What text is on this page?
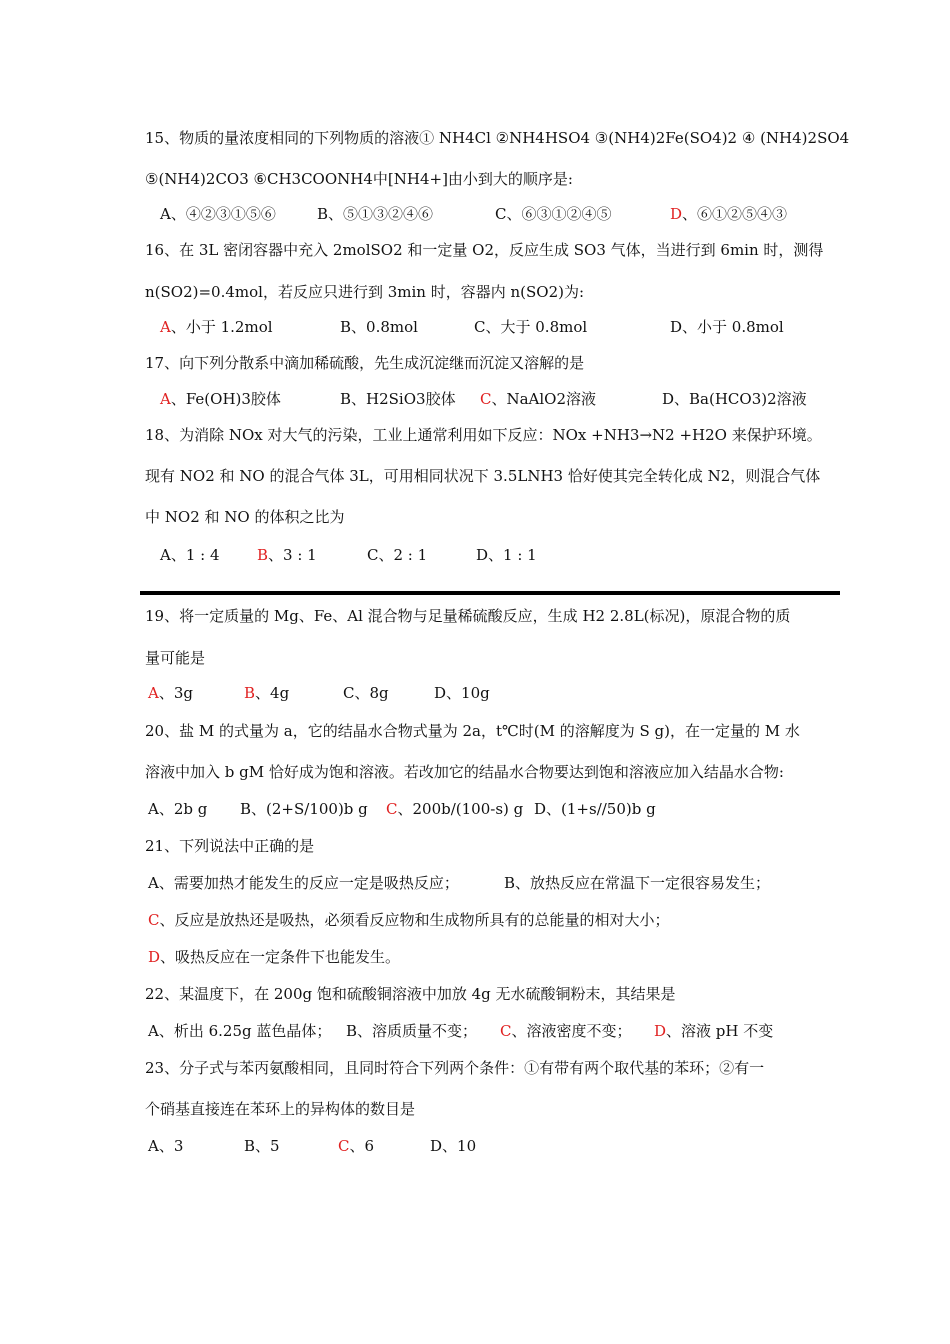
15、物质的量浓度相同的下列物质的溶液① NH4Cl ②NH4HSO4 ③(NH4)2Fe(SO4)2 ④ (NH4)2SO4
⑤(NH4)2CO3 ⑥CH3COONH4中[NH4+]由小到大的顺序是:
A、④②③①⑤⑥	B、⑤①③②④⑥	C、⑥③①②④⑤	D、⑥①②⑤④③
16、在 3L 密闭容器中充入 2molSO2 和一定量 O2，反应生成 SO3 气体，当进行到 6min 时，测得
n(SO2)=0.4mol，若反应只进行到 3min 时，容器内 n(SO2)为:
A、小于 1.2mol	B、0.8mol	C、大于 0.8mol	D、小于 0.8mol
17、向下列分散系中滴加稀硫酸，先生成沉淀继而沉淀又溶解的是
A、Fe(OH)3胶体	B、H2SiO3胶体 C、NaAlO2溶液	D、Ba(HCO3)2溶液
18、为消除 NOx 对大气的污染，工业上通常利用如下反应：NOx +NH3→N2 +H2O 来保护环境。
现有 NO2 和 NO 的混合气体 3L，可用相同状况下 3.5LNH3 恰好使其完全转化成 N2，则混合气体
中 NO2 和 NO 的体积之比为
A、1 : 4 B、3 : 1	C、2 : 1	D、1 : 1
19、将一定质量的 Mg、Fe、Al 混合物与足量稀硫酸反应，生成 H2 2.8L(标况)，原混合物的质
量可能是
A、3g	B、4g	C、8g	D、10g
20、盐 M 的式量为 a，它的结晶水合物式量为 2a，t℃时(M 的溶解度为 S g)，在一定量的 M 水
溶液中加入 b gM 恰好成为饱和溶液。若改加它的结晶水合物要达到饱和溶液应加入结晶水合物:
A、2b g B、(2+S/100)b g C、200b/(100-s) g D、(1+s//50)b g
21、下列说法中正确的是
A、需要加热才能发生的反应一定是吸热反应；	B、放热反应在常温下一定很容易发生；
C、反应是放热还是吸热，必须看反应物和生成物所具有的总能量的相对大小；
D、吸热反应在一定条件下也能发生。
22、某温度下，在 200g 饱和硫酸铜溶液中加放 4g 无水硫酸铜粉末，其结果是
A、析出 6.25g 蓝色晶体； B、溶质质量不变； C、溶液密度不变； D、溶液 pH 不变
23、分子式与苯丙氨酸相同，且同时符合下列两个条件：①有带有两个取代基的苯环；②有一
个硝基直接连在苯环上的异构体的数目是
A、3	B、5	C、6	D、10
